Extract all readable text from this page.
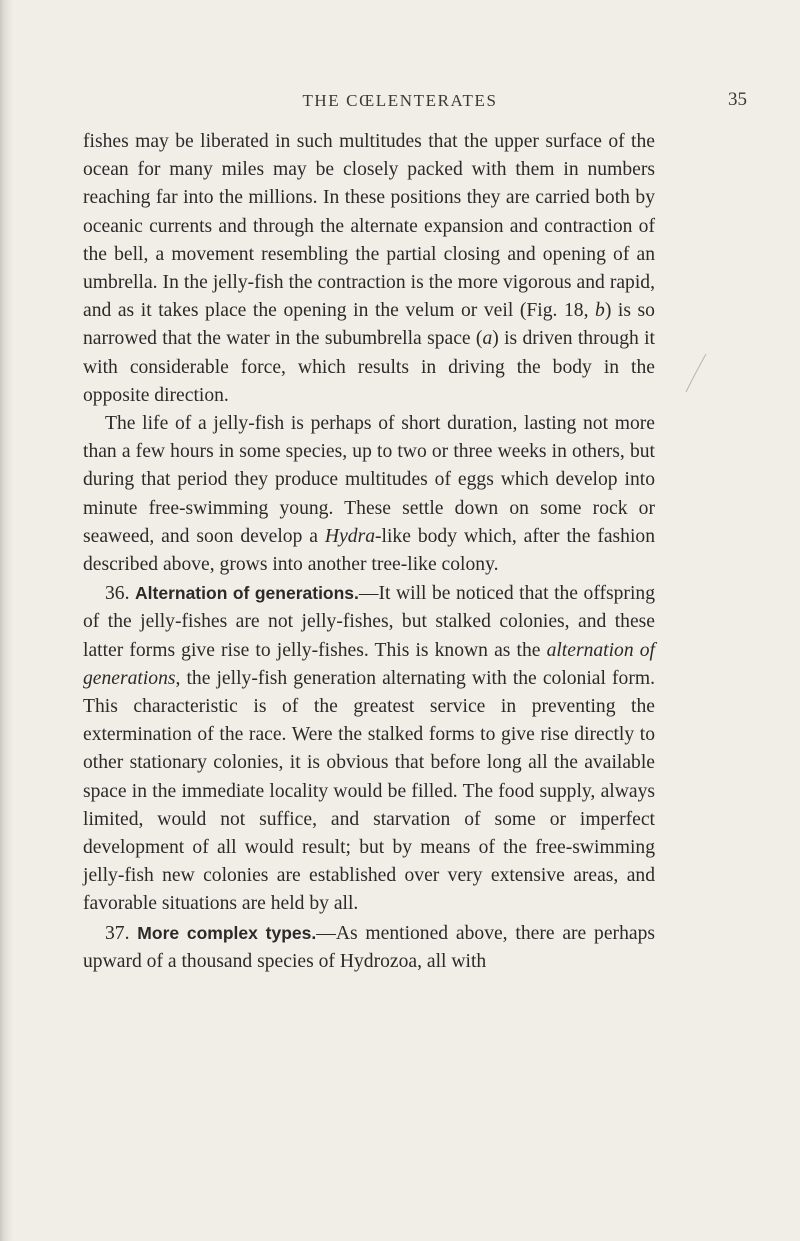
THE CŒLENTERATES	35

fishes may be liberated in such multitudes that the upper surface of the ocean for many miles may be closely packed with them in numbers reaching far into the millions. In these positions they are carried both by oceanic currents and through the alternate expansion and contraction of the bell, a movement resembling the partial closing and opening of an umbrella. In the jelly-fish the contraction is the more vigorous and rapid, and as it takes place the opening in the velum or veil (Fig. 18, b) is so narrowed that the water in the subumbrella space (a) is driven through it with considerable force, which results in driving the body in the opposite direction.

The life of a jelly-fish is perhaps of short duration, lasting not more than a few hours in some species, up to two or three weeks in others, but during that period they produce multitudes of eggs which develop into minute free-swimming young. These settle down on some rock or seaweed, and soon develop a Hydra-like body which, after the fashion described above, grows into another tree-like colony.

36. Alternation of generations.—It will be noticed that the offspring of the jelly-fishes are not jelly-fishes, but stalked colonies, and these latter forms give rise to jelly-fishes. This is known as the alternation of generations, the jelly-fish generation alternating with the colonial form. This characteristic is of the greatest service in preventing the extermination of the race. Were the stalked forms to give rise directly to other stationary colonies, it is obvious that before long all the available space in the immediate locality would be filled. The food supply, always limited, would not suffice, and starvation of some or imperfect development of all would result; but by means of the free-swimming jelly-fish new colonies are established over very extensive areas, and favorable situations are held by all.

37. More complex types.—As mentioned above, there are perhaps upward of a thousand species of Hydrozoa, all with
